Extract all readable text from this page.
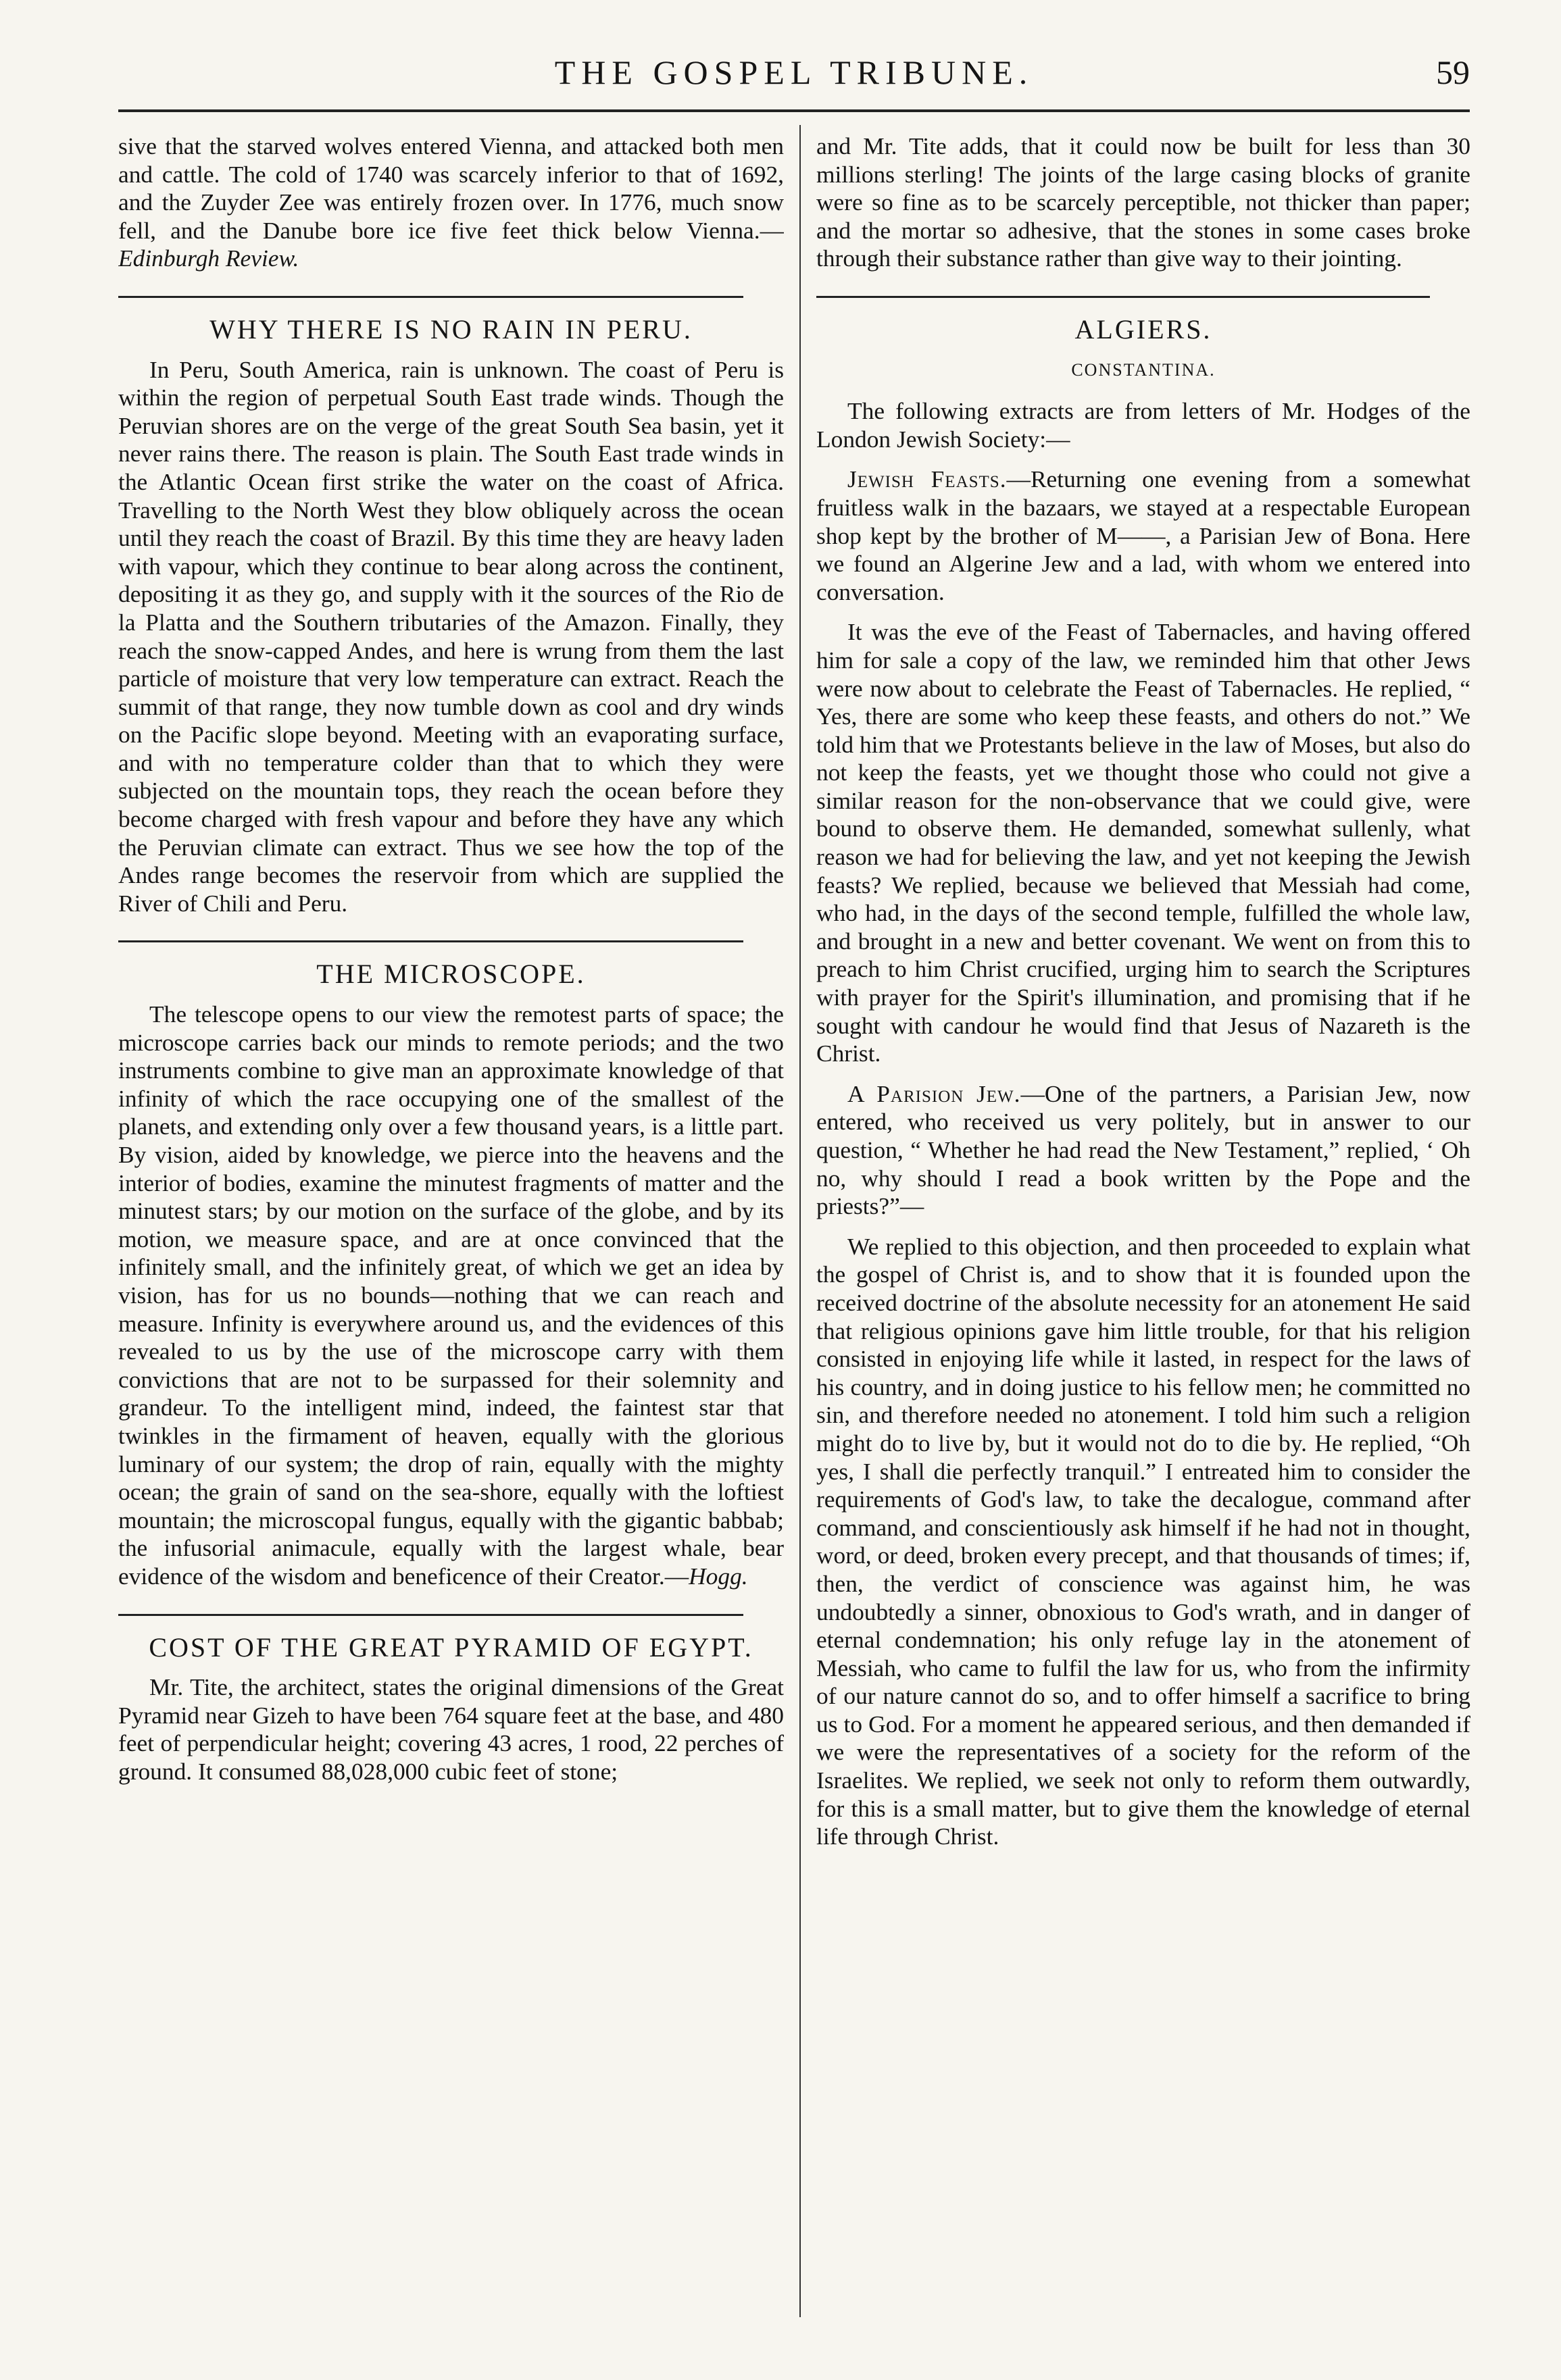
THE GOSPEL TRIBUNE.	59

sive that the starved wolves entered Vienna, and attacked both men and cattle. The cold of 1740 was scarcely inferior to that of 1692, and the Zuyder Zee was entirely frozen over. In 1776, much snow fell, and the Danube bore ice five feet thick below Vienna.—Edinburgh Review.

WHY THERE IS NO RAIN IN PERU.

In Peru, South America, rain is unknown. The coast of Peru is within the region of perpetual South East trade winds. Though the Peruvian shores are on the verge of the great South Sea basin, yet it never rains there. The reason is plain. The South East trade winds in the Atlantic Ocean first strike the water on the coast of Africa. Travelling to the North West they blow obliquely across the ocean until they reach the coast of Brazil. By this time they are heavy laden with vapour, which they continue to bear along across the continent, depositing it as they go, and supply with it the sources of the Rio de la Platta and the Southern tributaries of the Amazon. Finally, they reach the snow-capped Andes, and here is wrung from them the last particle of moisture that very low temperature can extract. Reach the summit of that range, they now tumble down as cool and dry winds on the Pacific slope beyond. Meeting with an evaporating surface, and with no temperature colder than that to which they were subjected on the mountain tops, they reach the ocean before they become charged with fresh vapour and before they have any which the Peruvian climate can extract. Thus we see how the top of the Andes range becomes the reservoir from which are supplied the River of Chili and Peru.

THE MICROSCOPE.

The telescope opens to our view the remotest parts of space; the microscope carries back our minds to remote periods; and the two instruments combine to give man an approximate knowledge of that infinity of which the race occupying one of the smallest of the planets, and extending only over a few thousand years, is a little part. By vision, aided by knowledge, we pierce into the heavens and the interior of bodies, examine the minutest fragments of matter and the minutest stars; by our motion on the surface of the globe, and by its motion, we measure space, and are at once convinced that the infinitely small, and the infinitely great, of which we get an idea by vision, has for us no bounds—nothing that we can reach and measure. Infinity is everywhere around us, and the evidences of this revealed to us by the use of the microscope carry with them convictions that are not to be surpassed for their solemnity and grandeur. To the intelligent mind, indeed, the faintest star that twinkles in the firmament of heaven, equally with the glorious luminary of our system; the drop of rain, equally with the mighty ocean; the grain of sand on the sea-shore, equally with the loftiest mountain; the microscopal fungus, equally with the gigantic babbab; the infusorial animacule, equally with the largest whale, bear evidence of the wisdom and beneficence of their Creator.—Hogg.

COST OF THE GREAT PYRAMID OF EGYPT.

Mr. Tite, the architect, states the original dimensions of the Great Pyramid near Gizeh to have been 764 square feet at the base, and 480 feet of perpendicular height; covering 43 acres, 1 rood, 22 perches of ground. It consumed 88,028,000 cubic feet of stone;

and Mr. Tite adds, that it could now be built for less than 30 millions sterling! The joints of the large casing blocks of granite were so fine as to be scarcely perceptible, not thicker than paper; and the mortar so adhesive, that the stones in some cases broke through their substance rather than give way to their jointing.

ALGIERS.
CONSTANTINA.

The following extracts are from letters of Mr. Hodges of the London Jewish Society:—

Jewish Feasts.—Returning one evening from a somewhat fruitless walk in the bazaars, we stayed at a respectable European shop kept by the brother of M——, a Parisian Jew of Bona. Here we found an Algerine Jew and a lad, with whom we entered into conversation.

It was the eve of the Feast of Tabernacles, and having offered him for sale a copy of the law, we reminded him that other Jews were now about to celebrate the Feast of Tabernacles. He replied, “ Yes, there are some who keep these feasts, and others do not.” We told him that we Protestants believe in the law of Moses, but also do not keep the feasts, yet we thought those who could not give a similar reason for the non-observance that we could give, were bound to observe them. He demanded, somewhat sullenly, what reason we had for believing the law, and yet not keeping the Jewish feasts? We replied, because we believed that Messiah had come, who had, in the days of the second temple, fulfilled the whole law, and brought in a new and better covenant. We went on from this to preach to him Christ crucified, urging him to search the Scriptures with prayer for the Spirit's illumination, and promising that if he sought with candour he would find that Jesus of Nazareth is the Christ.

A Parision Jew.—One of the partners, a Parisian Jew, now entered, who received us very politely, but in answer to our question, “ Whether he had read the New Testament,” replied, ‘ Oh no, why should I read a book written by the Pope and the priests?”—

We replied to this objection, and then proceeded to explain what the gospel of Christ is, and to show that it is founded upon the received doctrine of the absolute necessity for an atonement He said that religious opinions gave him little trouble, for that his religion consisted in enjoying life while it lasted, in respect for the laws of his country, and in doing justice to his fellow men; he committed no sin, and therefore needed no atonement. I told him such a religion might do to live by, but it would not do to die by. He replied, “Oh yes, I shall die perfectly tranquil.” I entreated him to consider the requirements of God's law, to take the decalogue, command after command, and conscientiously ask himself if he had not in thought, word, or deed, broken every precept, and that thousands of times; if, then, the verdict of conscience was against him, he was undoubtedly a sinner, obnoxious to God's wrath, and in danger of eternal condemnation; his only refuge lay in the atonement of Messiah, who came to fulfil the law for us, who from the infirmity of our nature cannot do so, and to offer himself a sacrifice to bring us to God. For a moment he appeared serious, and then demanded if we were the representatives of a society for the reform of the Israelites. We replied, we seek not only to reform them outwardly, for this is a small matter, but to give them the knowledge of eternal life through Christ.
